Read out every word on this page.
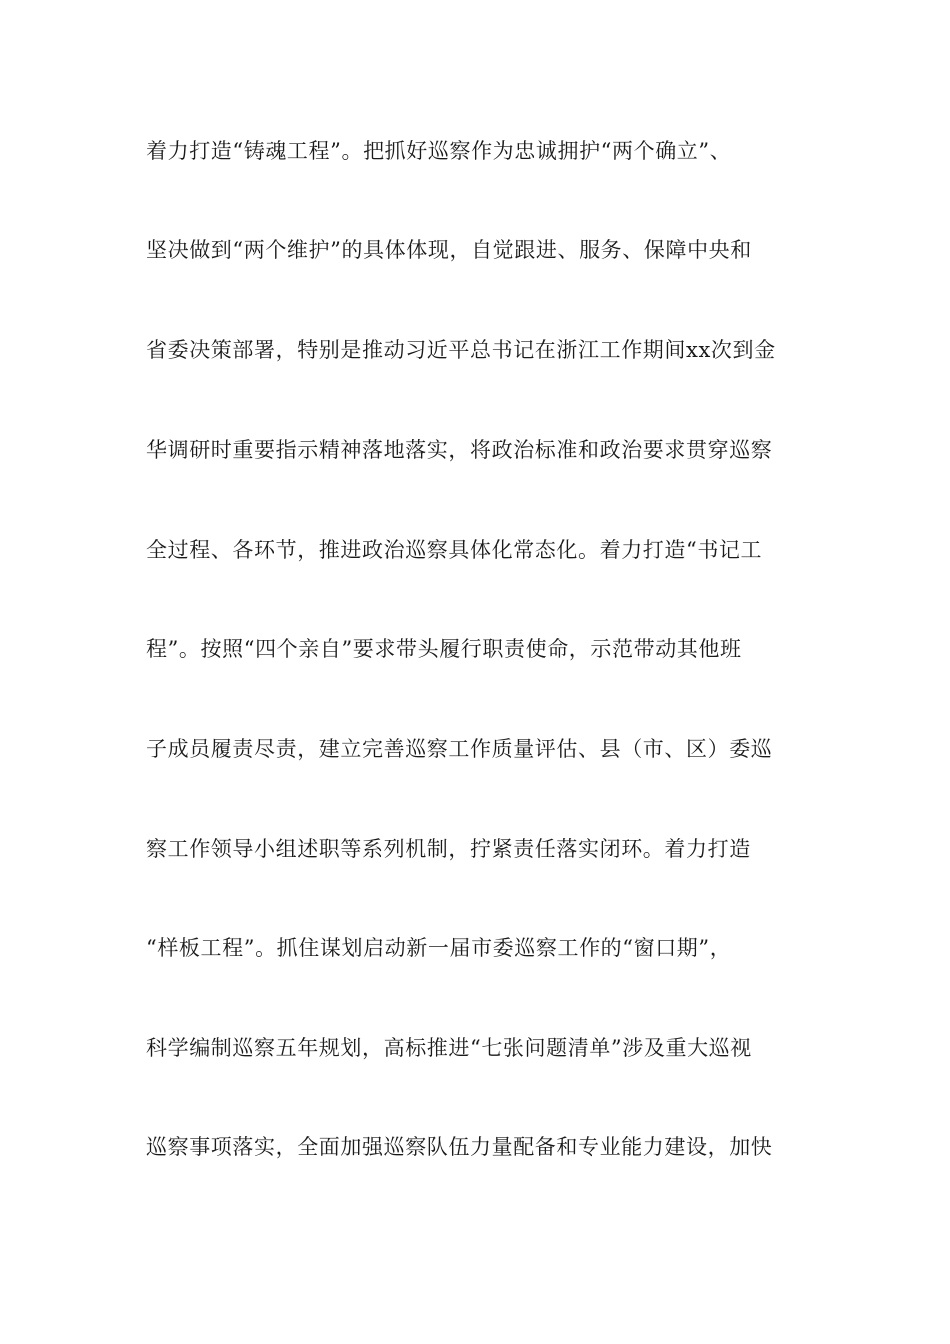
着力打造“铸魂工程”。把抓好巡察作为忠诚拥护“两个确立”、
坚决做到“两个维护”的具体体现，自觉跟进、服务、保障中央和
省委决策部署，特别是推动习近平总书记在浙江工作期间xx次到金
华调研时重要指示精神落地落实，将政治标准和政治要求贯穿巡察
全过程、各环节，推进政治巡察具体化常态化。着力打造“书记工
程”。按照“四个亲自”要求带头履行职责使命，示范带动其他班
子成员履责尽责，建立完善巡察工作质量评估、县（市、区）委巡
察工作领导小组述职等系列机制，拧紧责任落实闭环。着力打造
“样板工程”。抓住谋划启动新一届市委巡察工作的“窗口期”，
科学编制巡察五年规划，高标推进“七张问题清单”涉及重大巡视
巡察事项落实，全面加强巡察队伍力量配备和专业能力建设，加快
